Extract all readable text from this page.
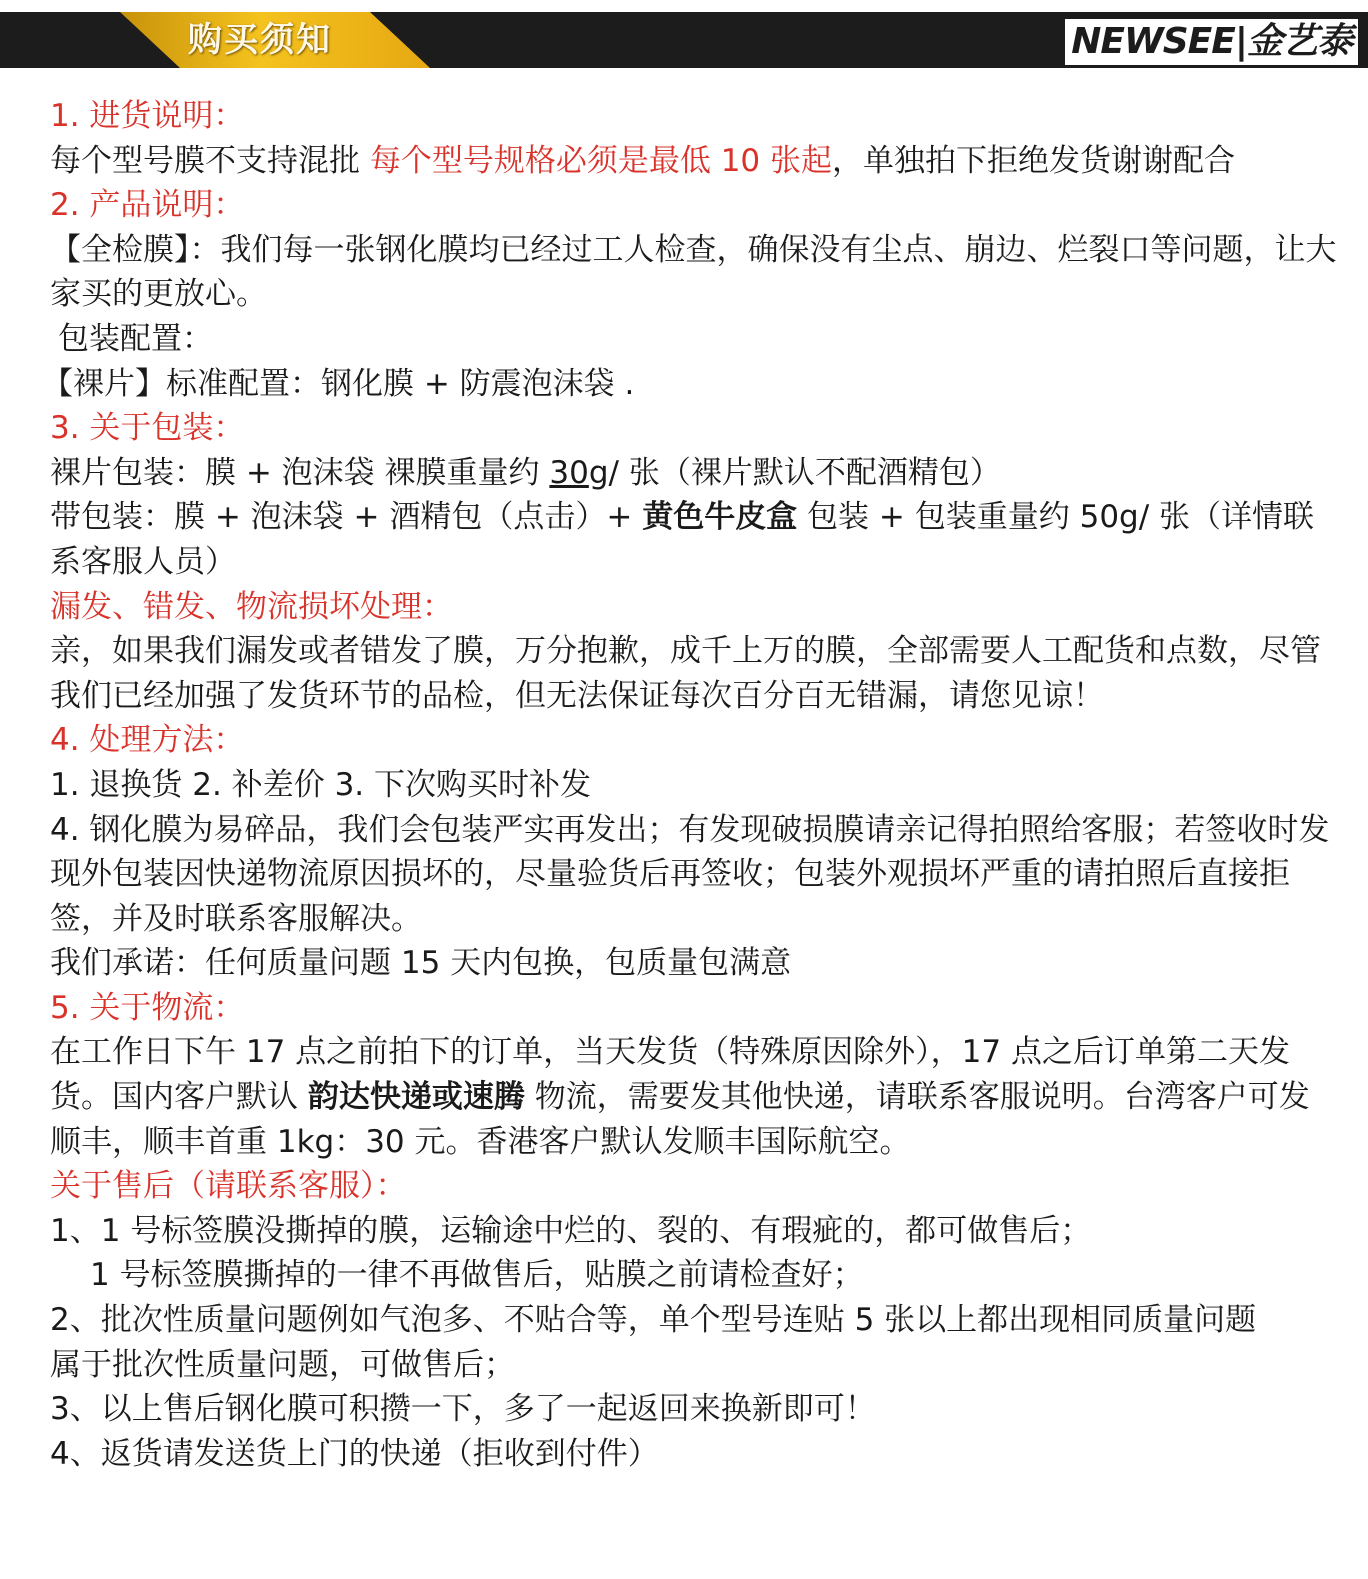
购买须知	NEWSEE|金艺泰

1. 进货说明：

每个型号膜不支持混批 每个型号规格必须是最低 10 张起，单独拍下拒绝发货谢谢配合

2. 产品说明：

【全检膜】：我们每一张钢化膜均已经过工人检查，确保没有尘点、崩边、烂裂口等问题，让大家买的更放心。

包装配置：

【裸片】标准配置：钢化膜 + 防震泡沫袋 .

3. 关于包装：

裸片包装：膜 + 泡沫袋 裸膜重量约 30g/ 张（裸片默认不配酒精包）

带包装：膜 + 泡沫袋 + 酒精包（点击）+ 黄色牛皮盒 包装 + 包装重量约 50g/ 张（详情联系客服人员）

漏发、错发、物流损坏处理：

亲，如果我们漏发或者错发了膜，万分抱歉，成千上万的膜，全部需要人工配货和点数，尽管我们已经加强了发货环节的品检，但无法保证每次百分百无错漏，请您见谅！

4. 处理方法：

1. 退换货 2. 补差价 3. 下次购买时补发

4. 钢化膜为易碎品，我们会包装严实再发出；有发现破损膜请亲记得拍照给客服；若签收时发现外包装因快递物流原因损坏的，尽量验货后再签收；包装外观损坏严重的请拍照后直接拒签，并及时联系客服解决。

我们承诺：任何质量问题 15 天内包换，包质量包满意

5. 关于物流：

在工作日下午 17 点之前拍下的订单，当天发货（特殊原因除外），17 点之后订单第二天发货。国内客户默认 韵达快递或速腾 物流，需要发其他快递，请联系客服说明。台湾客户可发顺丰，顺丰首重 1kg：30 元。香港客户默认发顺丰国际航空。

关于售后（请联系客服）：

1、1 号标签膜没撕掉的膜，运输途中烂的、裂的、有瑕疵的，都可做售后；

1 号标签膜撕掉的一律不再做售后，贴膜之前请检查好；

2、批次性质量问题例如气泡多、不贴合等，单个型号连贴 5 张以上都出现相同质量问题　　属于批次性质量问题，可做售后；

3、以上售后钢化膜可积攒一下，多了一起返回来换新即可！

4、返货请发送货上门的快递（拒收到付件）
